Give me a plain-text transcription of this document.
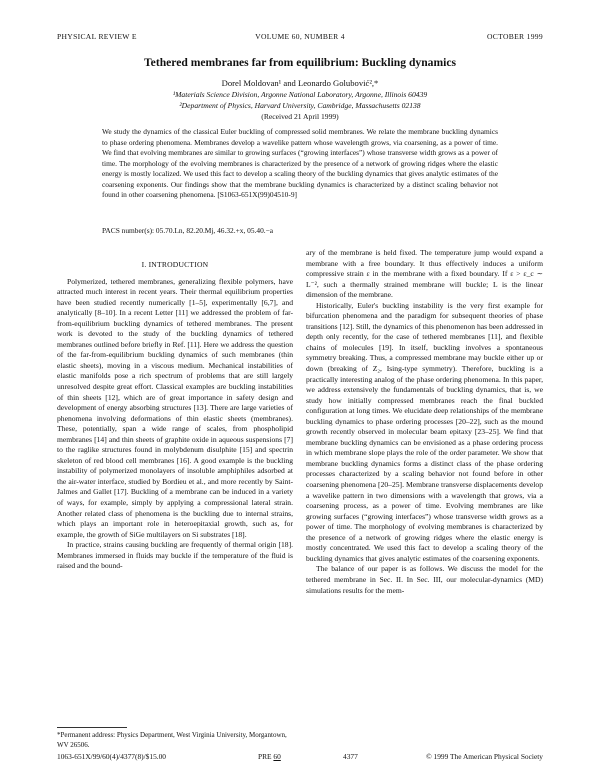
PHYSICAL REVIEW E	VOLUME 60, NUMBER 4	OCTOBER 1999
Tethered membranes far from equilibrium: Buckling dynamics
Dorel Moldovan¹ and Leonardo Golubović²,*
¹Materials Science Division, Argonne National Laboratory, Argonne, Illinois 60439
²Department of Physics, Harvard University, Cambridge, Massachusetts 02138
(Received 21 April 1999)
We study the dynamics of the classical Euler buckling of compressed solid membranes. We relate the membrane buckling dynamics to phase ordering phenomena. Membranes develop a wavelike pattern whose wavelength grows, via coarsening, as a power of time. We find that evolving membranes are similar to growing surfaces (“growing interfaces”) whose transverse width grows as a power of time. The morphology of the evolving membranes is characterized by the presence of a network of growing ridges where the elastic energy is mostly localized. We used this fact to develop a scaling theory of the buckling dynamics that gives analytic estimates of the coarsening exponents. Our findings show that the membrane buckling dynamics is characterized by a distinct scaling behavior not found in other coarsening phenomena. [S1063-651X(99)04510-9]
PACS number(s): 05.70.Ln, 82.20.Mj, 46.32.+x, 05.40.−a
I. INTRODUCTION

Polymerized, tethered membranes, generalizing flexible polymers, have attracted much interest in recent years. Their thermal equilibrium properties have been studied recently numerically [1–5], experimentally [6,7], and analytically [8–10]. In a recent Letter [11] we addressed the problem of far-from-equilibrium buckling dynamics of tethered membranes. The present work is devoted to the study of the buckling dynamics of tethered membranes outlined before briefly in Ref. [11]. Here we address the question of the far-from-equilibrium buckling dynamics of such membranes (thin elastic sheets), moving in a viscous medium. Mechanical instabilities of elastic manifolds pose a rich spectrum of problems that are still largely unresolved despite great effort. Classical examples are buckling instabilities of thin sheets [12], which are of great importance in safety design and development of energy absorbing structures [13]. There are large varieties of phenomena involving deformations of thin elastic sheets (membranes). These, potentially, span a wide range of scales, from phospholipid membranes [14] and thin sheets of graphite oxide in aqueous suspensions [7] to the raglike structures found in molybdenum disulphite [15] and spectrin skeleton of red blood cell membranes [16]. A good example is the buckling instability of polymerized monolayers of insoluble amphiphiles adsorbed at the air-water interface, studied by Bordieu et al., and more recently by Saint-Jalmes and Gallet [17]. Buckling of a membrane can be induced in a variety of ways, for example, simply by applying a compressional lateral strain. Another related class of phenomena is the buckling due to internal strains, which plays an important role in heteroepitaxial growth, such as, for example, the growth of SiGe multilayers on Si substrates [18].

In practice, strains causing buckling are frequently of thermal origin [18]. Membranes immersed in fluids may buckle if the temperature of the fluid is raised and the bound-

ary of the membrane is held fixed. The temperature jump would expand a membrane with a free boundary. It thus effectively induces a uniform compressive strain ε in the membrane with a fixed boundary. If ε > ε_c ∼ L⁻², such a thermally strained membrane will buckle; L is the linear dimension of the membrane.

Historically, Euler's buckling instability is the very first example for bifurcation phenomena and the paradigm for subsequent theories of phase transitions [12]. Still, the dynamics of this phenomenon has been addressed in depth only recently, for the case of tethered membranes [11], and flexible chains of molecules [19]. In itself, buckling involves a spontaneous symmetry breaking. Thus, a compressed membrane may buckle either up or down (breaking of Z₂, Ising-type symmetry). Therefore, buckling is a practically interesting analog of the phase ordering phenomena. In this paper, we address extensively the fundamentals of buckling dynamics, that is, we study how initially compressed membranes reach the final buckled configuration at long times. We elucidate deep relationships of the membrane buckling dynamics to phase ordering processes [20–22], such as the mound growth recently observed in molecular beam epitaxy [23–25]. We find that membrane buckling dynamics can be envisioned as a phase ordering process in which membrane slope plays the role of the order parameter. We show that membrane buckling dynamics forms a distinct class of the phase ordering processes characterized by a scaling behavior not found before in other coarsening phenomena [20–25]. Membrane transverse displacements develop a wavelike pattern in two dimensions with a wavelength that grows, via a coarsening process, as a power of time. Evolving membranes are like growing surfaces (“growing interfaces”) whose transverse width grows as a power of time. The morphology of evolving membranes is characterized by the presence of a network of growing ridges where the elastic energy is mostly concentrated. We used this fact to develop a scaling theory of the buckling dynamics that gives analytic estimates of the coarsening exponents.

The balance of our paper is as follows. We discuss the model for the tethered membrane in Sec. II. In Sec. III, our molecular-dynamics (MD) simulations results for the mem-

*Permanent address: Physics Department, West Virginia University, Morgantown, WV 26506.
1063-651X/99/60(4)/4377(8)/$15.00	PRE 60	4377	© 1999 The American Physical Society
